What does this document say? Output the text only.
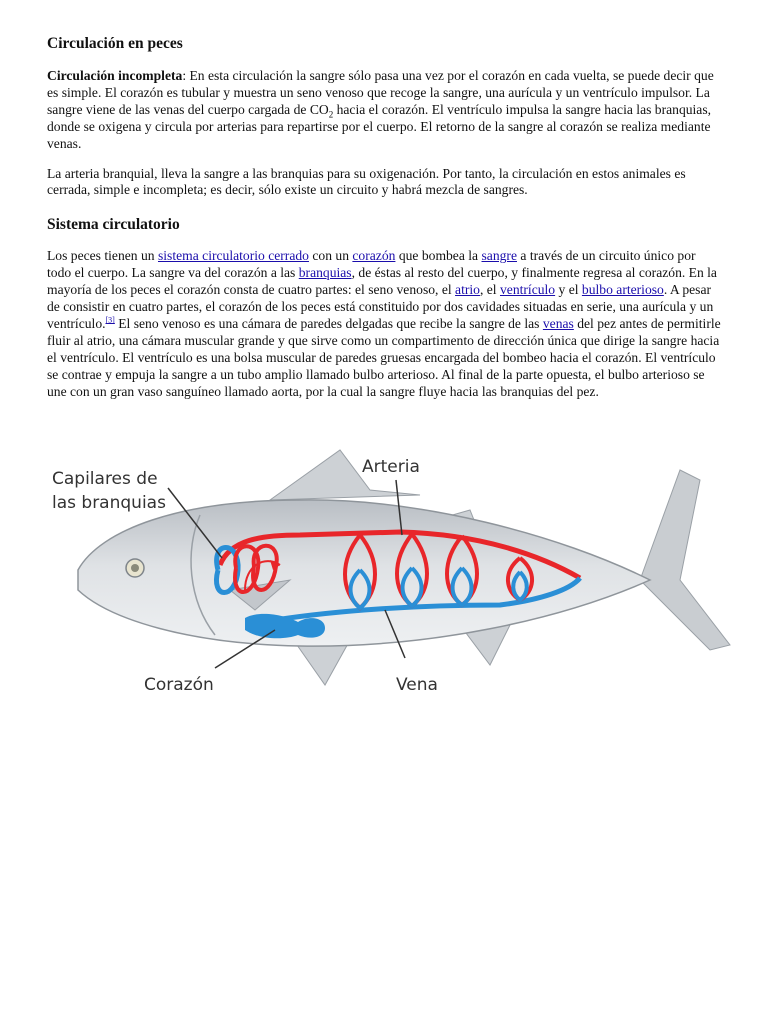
Circulación en peces

Circulación incompleta: En esta circulación la sangre sólo pasa una vez por el corazón en cada vuelta, se puede decir que es simple. El corazón es tubular y muestra un seno venoso que recoge la sangre, una aurícula y un ventrículo impulsor. La sangre viene de las venas del cuerpo cargada de $CO_2$ hacia el corazón. El ventrículo impulsa la sangre hacia las branquias, donde se oxigena y circula por arterias para repartirse por el cuerpo. El retorno de la sangre al corazón se realiza mediante venas.

La arteria branquial, lleva la sangre a las branquias para su oxigenación. Por tanto, la circulación en estos animales es cerrada, simple e incompleta; es decir, sólo existe un circuito y habrá mezcla de sangres.

Sistema circulatorio

Los peces tienen un sistema circulatorio cerrado con un corazón que bombea la sangre a través de un circuito único por todo el cuerpo. La sangre va del corazón a las branquias, de éstas al resto del cuerpo, y finalmente regresa al corazón. En la mayoría de los peces el corazón consta de cuatro partes: el seno venoso, el atrio, el ventrículo y el bulbo arterioso. A pesar de consistir en cuatro partes, el corazón de los peces está constituido por dos cavidades situadas en serie, una aurícula y un ventrículo.[3] El seno venoso es una cámara de paredes delgadas que recibe la sangre de las venas del pez antes de permitirle fluir al atrio, una cámara muscular grande y que sirve como un compartimento de dirección única que dirige la sangre hacia el ventrículo. El ventrículo es una bolsa muscular de paredes gruesas encargada del bombeo hacia el corazón. El ventrículo se contrae y empuja la sangre a un tubo amplio llamado bulbo arterioso. Al final de la parte opuesta, el bulbo arterioso se une con un gran vaso sanguíneo llamado aorta, por la cual la sangre fluye hacia las branquias del pez.

Capilares de
las branquias
Arteria
Corazón	Vena
